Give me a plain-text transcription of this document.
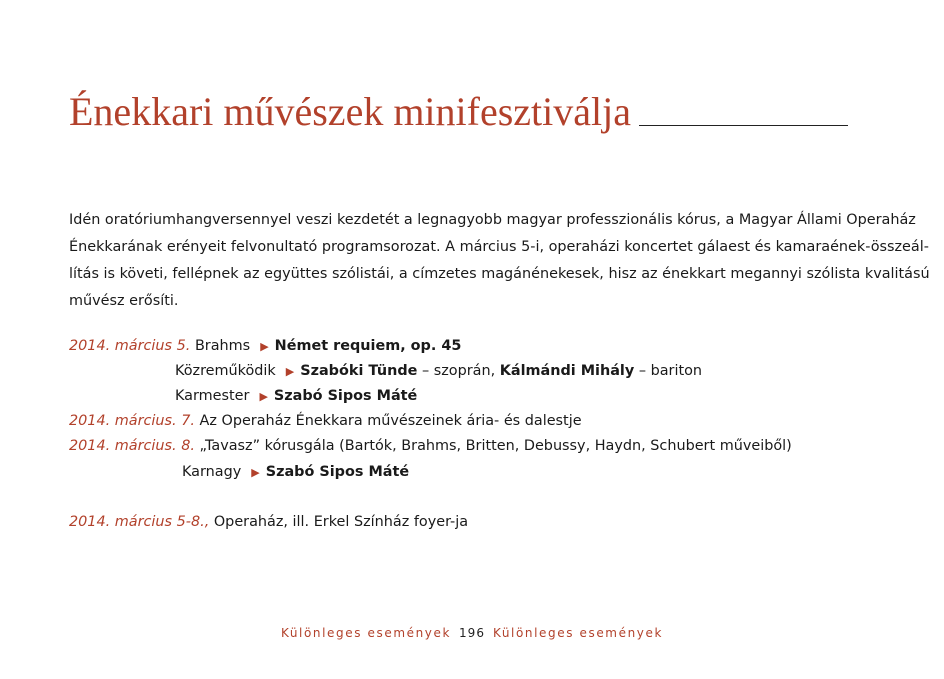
Énekkari művészek minifesztiválja
Idén oratóriumhangversennyel veszi kezdetét a legnagyobb magyar professzionális kórus, a Magyar Állami Operaház
Énekkarának erényeit felvonultató programsorozat. A március 5-i, operaházi koncertet gálaest és kamaraének-összeál-
lítás is követi, fellépnek az együttes szólistái, a címzetes magánénekesek, hisz az énekkart megannyi szólista kvalitású
művész erősíti.
2014. március 5. Brahms ▶ Német requiem, op. 45
Közreműködik ▶ Szabóki Tünde – szoprán, Kálmándi Mihály – bariton
Karmester ▶ Szabó Sipos Máté
2014. március. 7. Az Operaház Énekkara művészeinek ária- és dalestje
2014. március. 8. „Tavasz” kórusgála (Bartók, Brahms, Britten, Debussy, Haydn, Schubert műveiből)
Karnagy ▶ Szabó Sipos Máté
2014. március 5-8., Operaház, ill. Erkel Színház foyer-ja
Különleges események 196 Különleges események
